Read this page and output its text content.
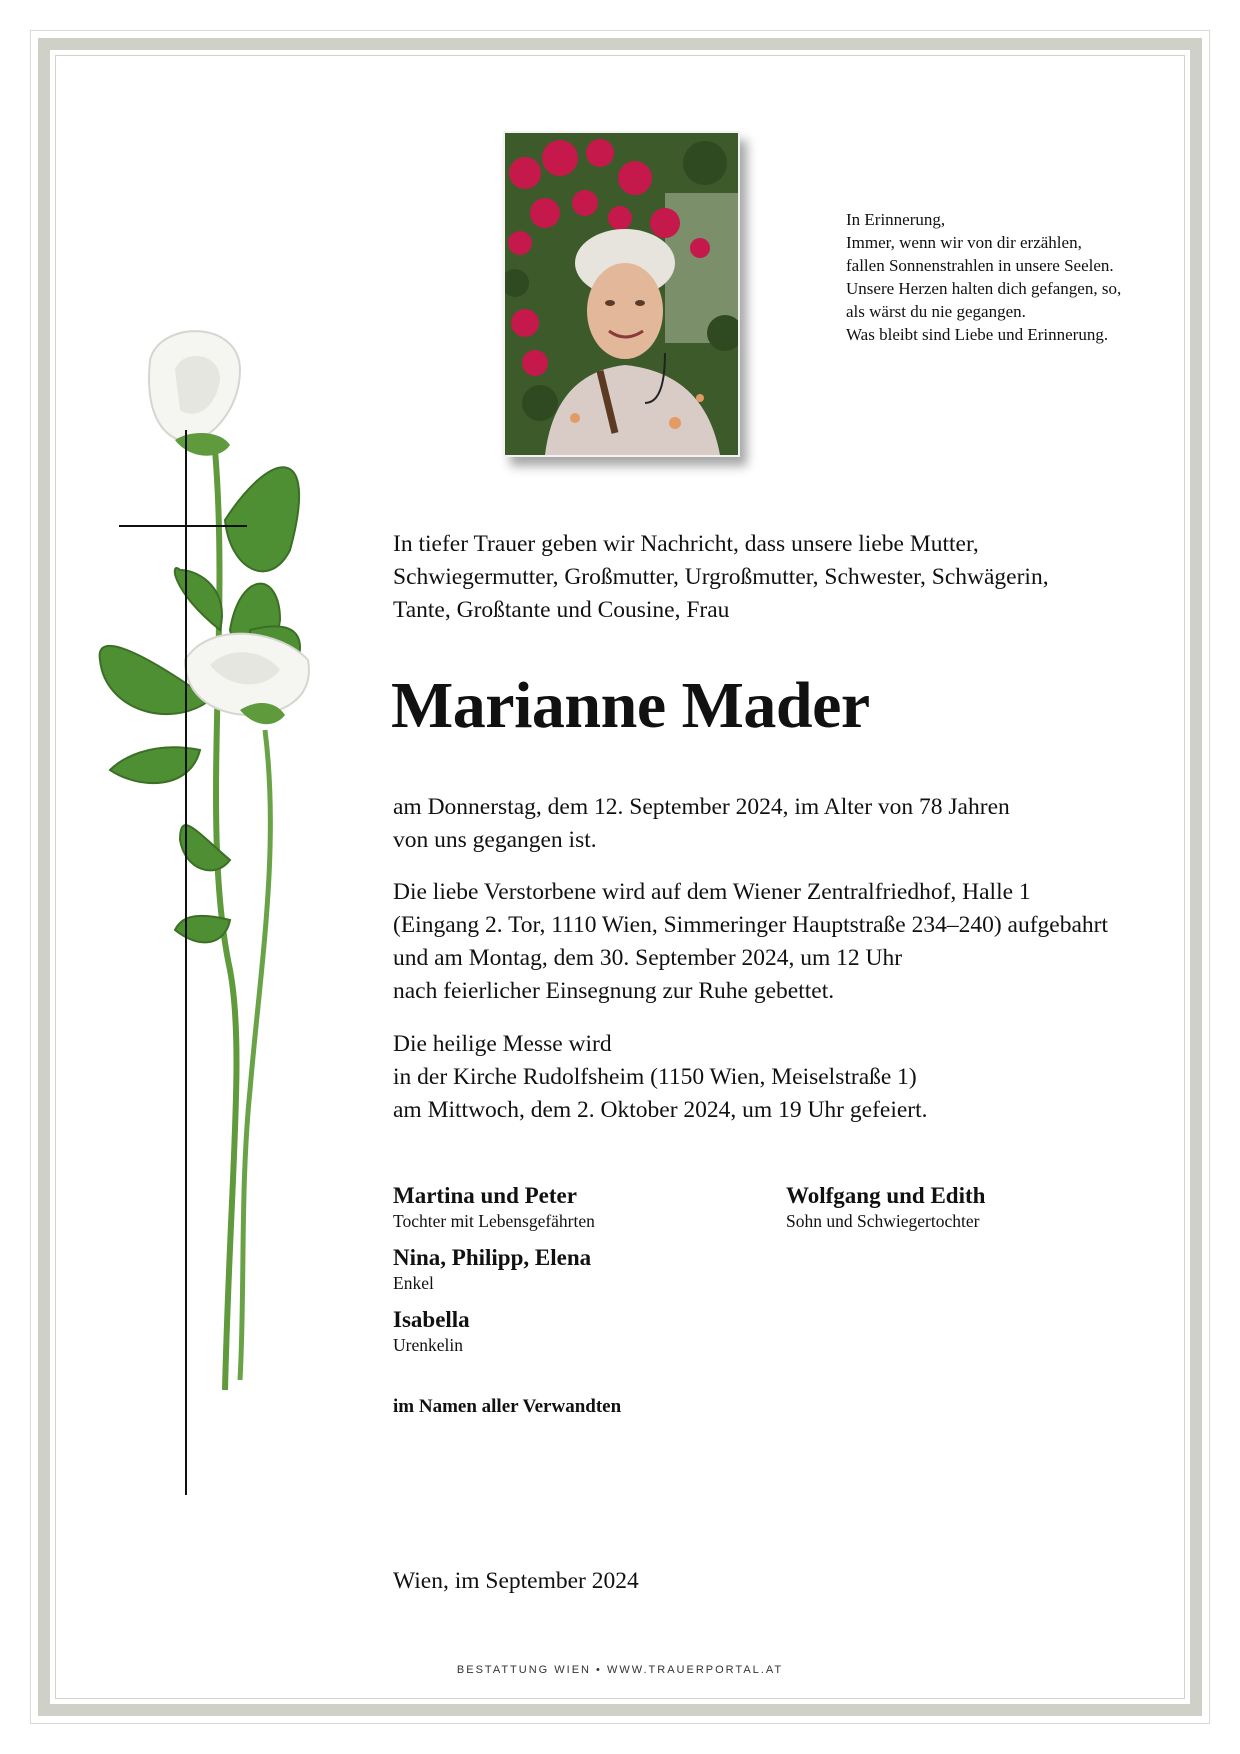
In Erinnerung,
Immer, wenn wir von dir erzählen,
fallen Sonnenstrahlen in unsere Seelen.
Unsere Herzen halten dich gefangen, so,
als wärst du nie gegangen.
Was bleibt sind Liebe und Erinnerung.
In tiefer Trauer geben wir Nachricht, dass unsere liebe Mutter,
Schwiegermutter, Großmutter, Urgroßmutter, Schwester, Schwägerin,
Tante, Großtante und Cousine, Frau
Marianne Mader
am Donnerstag, dem 12. September 2024, im Alter von 78 Jahren
von uns gegangen ist.
Die liebe Verstorbene wird auf dem Wiener Zentralfriedhof, Halle 1
(Eingang 2. Tor, 1110 Wien, Simmeringer Hauptstraße 234–240) aufgebahrt
und am Montag, dem 30. September 2024, um 12 Uhr
nach feierlicher Einsegnung zur Ruhe gebettet.
Die heilige Messe wird
in der Kirche Rudolfsheim (1150 Wien, Meiselstraße 1)
am Mittwoch, dem 2. Oktober 2024, um 19 Uhr gefeiert.
Martina und Peter
Tochter mit Lebensgefährten
Wolfgang und Edith
Sohn und Schwiegertochter
Nina, Philipp, Elena
Enkel
Isabella
Urenkelin
im Namen aller Verwandten
Wien, im September 2024
BESTATTUNG WIEN • WWW.TRAUERPORTAL.AT
